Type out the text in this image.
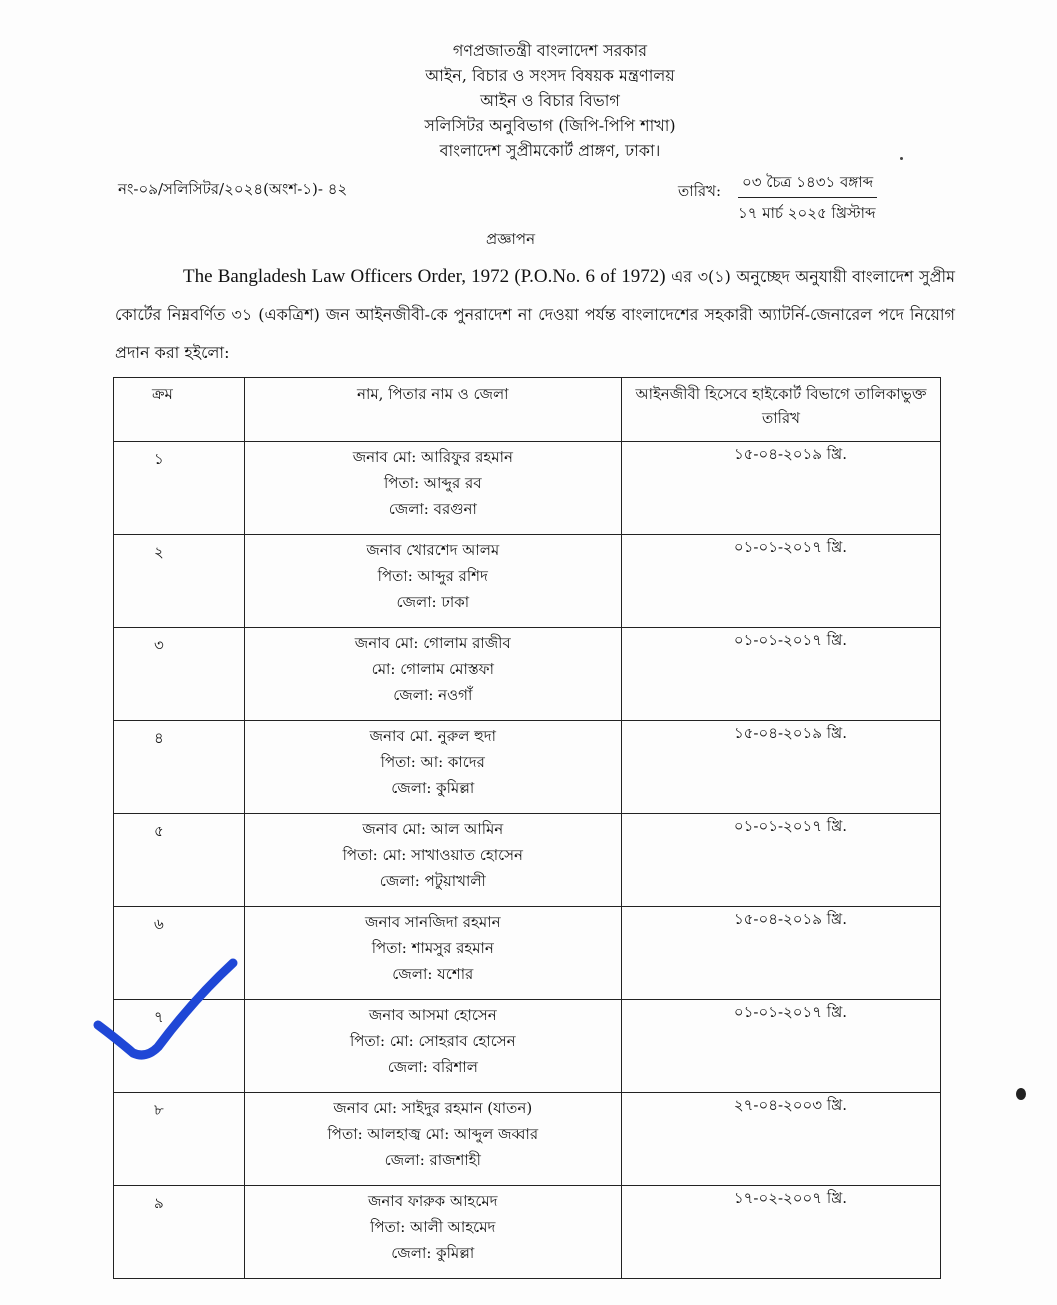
গণপ্রজাতন্ত্রী বাংলাদেশ সরকার
আইন, বিচার ও সংসদ বিষয়ক মন্ত্রণালয়
আইন ও বিচার বিভাগ
সলিসিটর অনুবিভাগ (জিপি-পিপি শাখা)
বাংলাদেশ সুপ্রীমকোর্ট প্রাঙ্গণ, ঢাকা।
নং-০৯/সলিসিটর/২০২৪(অংশ-১)- ৪২	তারিখ: ০৩ চৈত্র ১৪৩১ বঙ্গাব্দ
১৭ মার্চ ২০২৫ খ্রিস্টাব্দ
প্রজ্ঞাপন
The Bangladesh Law Officers Order, 1972 (P.O.No. 6 of 1972) এর ৩(১) অনুচ্ছেদ অনুযায়ী বাংলাদেশ সুপ্রীম কোর্টের নিম্নবর্ণিত ৩১ (একত্রিশ) জন আইনজীবী-কে পুনরাদেশ না দেওয়া পর্যন্ত বাংলাদেশের সহকারী অ্যাটর্নি-জেনারেল পদে নিয়োগ প্রদান করা হইলো:
ক্রম	নাম, পিতার নাম ও জেলা	আইনজীবী হিসেবে হাইকোর্ট বিভাগে তালিকাভুক্ত তারিখ
১	জনাব মো: আরিফুর রহমান
পিতা: আব্দুর রব
জেলা: বরগুনা	১৫-০৪-২০১৯ খ্রি.
২	জনাব খোরশেদ আলম
পিতা: আব্দুর রশিদ
জেলা: ঢাকা	০১-০১-২০১৭ খ্রি.
৩	জনাব মো: গোলাম রাজীব
মো: গোলাম মোস্তফা
জেলা: নওগাঁ	০১-০১-২০১৭ খ্রি.
৪	জনাব মো. নুরুল হুদা
পিতা: আ: কাদের
জেলা: কুমিল্লা	১৫-০৪-২০১৯ খ্রি.
৫	জনাব মো: আল আমিন
পিতা: মো: সাখাওয়াত হোসেন
জেলা: পটুয়াখালী	০১-০১-২০১৭ খ্রি.
৬	জনাব সানজিদা রহমান
পিতা: শামসুর রহমান
জেলা: যশোর	১৫-০৪-২০১৯ খ্রি.
৭	জনাব আসমা হোসেন
পিতা: মো: সোহরাব হোসেন
জেলা: বরিশাল	০১-০১-২০১৭ খ্রি.
৮	জনাব মো: সাইদুর রহমান (যাতন)
পিতা: আলহাজ্ব মো: আব্দুল জব্বার
জেলা: রাজশাহী	২৭-০৪-২০০৩ খ্রি.
৯	জনাব ফারুক আহমেদ
পিতা: আলী আহমেদ
জেলা: কুমিল্লা	১৭-০২-২০০৭ খ্রি.
